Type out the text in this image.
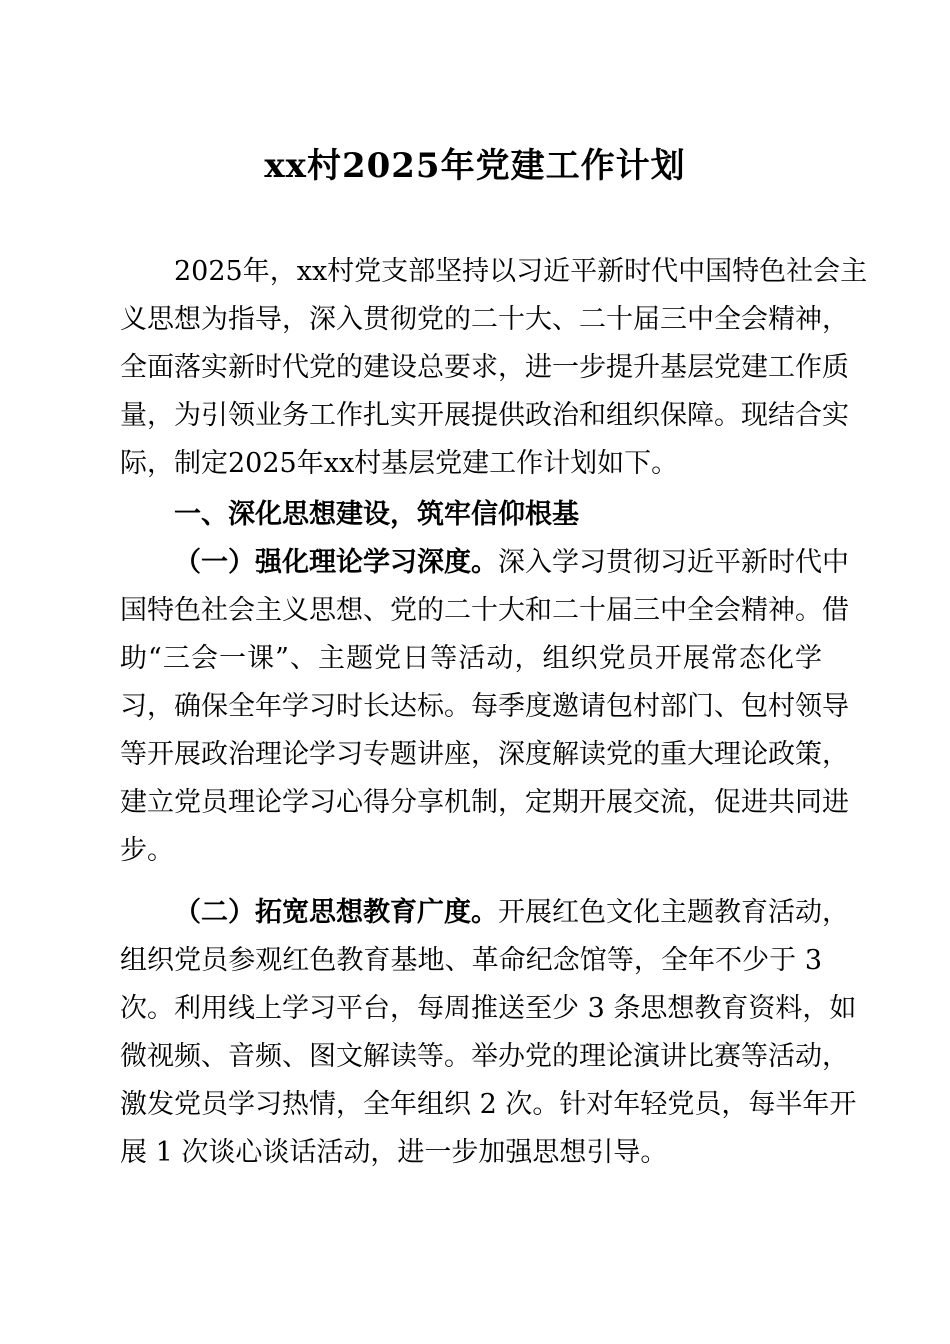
xx村2025年党建工作计划
2025年，xx村党支部坚持以习近平新时代中国特色社会主
义思想为指导，深入贯彻党的二十大、二十届三中全会精神，
全面落实新时代党的建设总要求，进一步提升基层党建工作质
量，为引领业务工作扎实开展提供政治和组织保障。现结合实
际，制定2025年xx村基层党建工作计划如下。
一、深化思想建设，筑牢信仰根基
（一）强化理论学习深度。深入学习贯彻习近平新时代中
国特色社会主义思想、党的二十大和二十届三中全会精神。借
助“三会一课”、主题党日等活动，组织党员开展常态化学
习，确保全年学习时长达标。每季度邀请包村部门、包村领导
等开展政治理论学习专题讲座，深度解读党的重大理论政策，
建立党员理论学习心得分享机制，定期开展交流，促进共同进
步。
（二）拓宽思想教育广度。开展红色文化主题教育活动，
组织党员参观红色教育基地、革命纪念馆等，全年不少于 3
次。利用线上学习平台，每周推送至少 3 条思想教育资料，如
微视频、音频、图文解读等。举办党的理论演讲比赛等活动，
激发党员学习热情，全年组织 2 次。针对年轻党员，每半年开
展 1 次谈心谈话活动，进一步加强思想引导。
